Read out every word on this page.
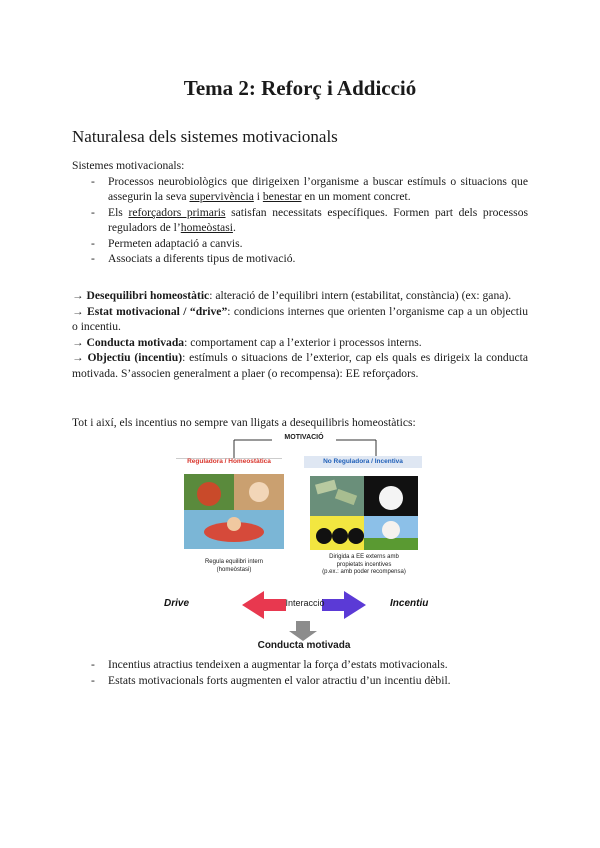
Tema 2: Reforç i Addicció
Naturalesa dels sistemes motivacionals
Sistemes motivacionals:
- Processos neurobiològics que dirigeixen l’organisme a buscar estímuls o situacions que assegurin la seva supervivència i benestar en un moment concret.
- Els reforçadors primaris satisfan necessitats específiques. Formen part dels processos reguladors de l’homeòstasi.
- Permeten adaptació a canvis.
- Associats a diferents tipus de motivació.

→ Desequilibri homeostàtic: alteració de l’equilibri intern (estabilitat, constància) (ex: gana).

→ Estat motivacional / “drive”: condicions internes que orienten l’organisme cap a un objectiu o incentiu.

→ Conducta motivada: comportament cap a l’exterior i processos interns.

→ Objectiu (incentiu): estímuls o situacions de l’exterior, cap els quals es dirigeix la conducta motivada. S’associen generalment a plaer (o recompensa): EE reforçadors.

Tot i així, els incentius no sempre van lligats a desequilibris homeostàtics:
MOTIVACIÓ
Reguladora / Homeostàtica	No Reguladora / Incentiva
Regula equilibri intern
(homeòstasi)
Dirigida a EE externs amb
propietats incentives
(p.ex.: amb poder recompensa)
Drive	Interacció	Incentiu
Conducta motivada
- Incentius atractius tendeixen a augmentar la força d’estats motivacionals.
- Estats motivacionals forts augmenten el valor atractiu d’un incentiu dèbil.
